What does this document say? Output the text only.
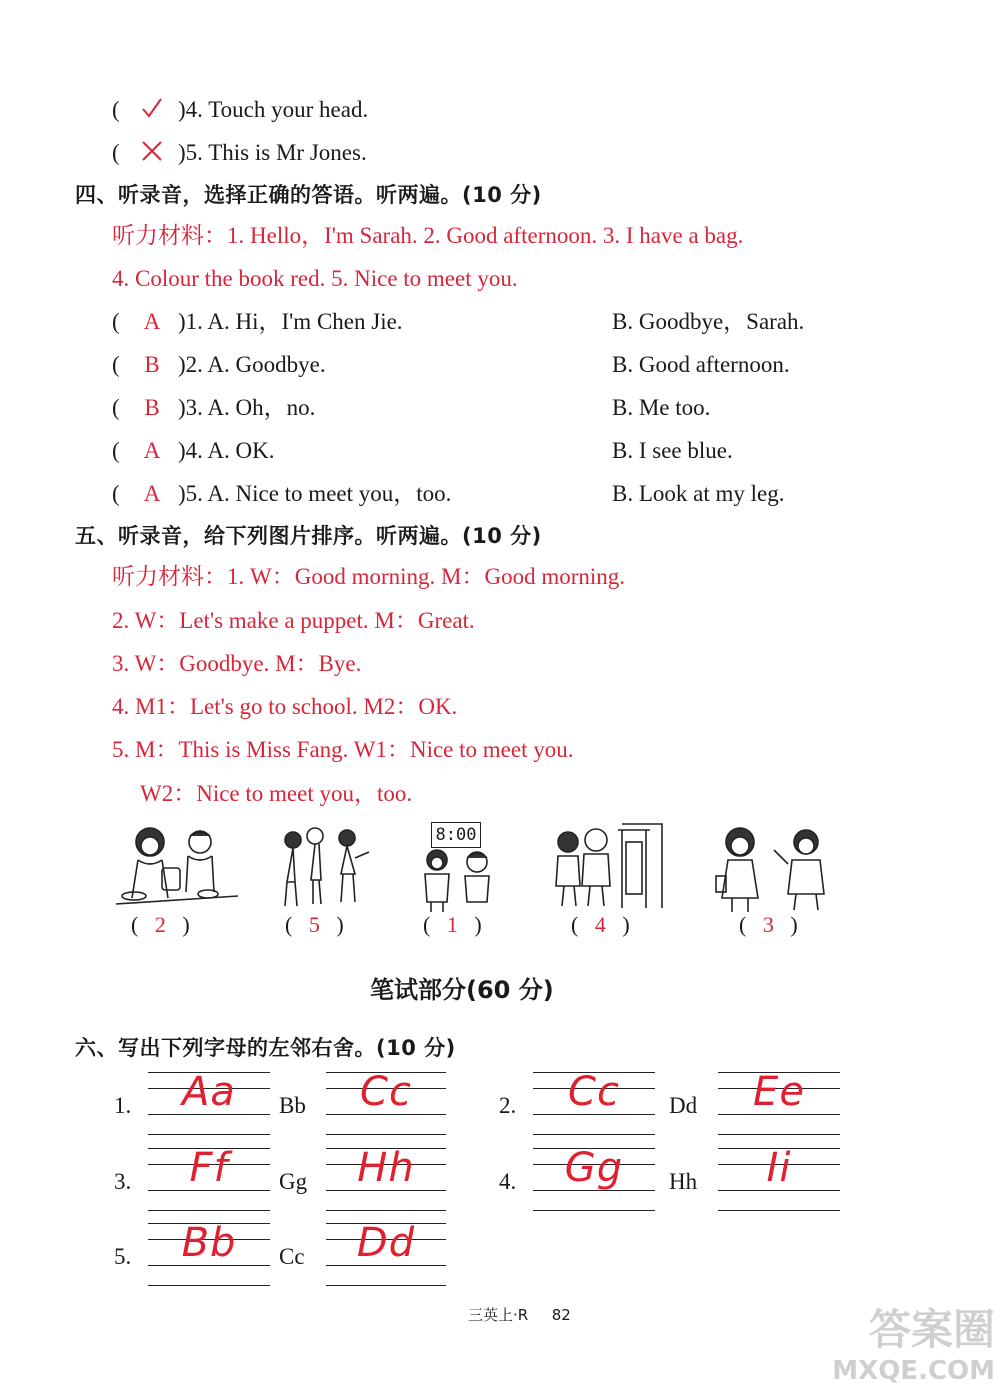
(	)4. Touch your head.
(	)5. This is Mr Jones.
四、听录音，选择正确的答语。听两遍。(10 分)
听力材料：1. Hello，I'm Sarah. 2. Good afternoon. 3. I have a bag.
4. Colour the book red. 5. Nice to meet you.
( A )1. A. Hi，I'm Chen Jie.	B. Goodbye，Sarah.
( B )2. A. Goodbye.	B. Good afternoon.
( B )3. A. Oh，no.	B. Me too.
( A )4. A. OK.	B. I see blue.
( A )5. A. Nice to meet you，too.	B. Look at my leg.
五、听录音，给下列图片排序。听两遍。(10 分)
听力材料：1. W：Good morning. M：Good morning.
2. W：Let's make a puppet. M：Great.
3. W：Goodbye. M：Bye.
4. M1：Let's go to school. M2：OK.
5. M：This is Miss Fang. W1：Nice to meet you.
W2：Nice to meet you，too.
8:00
( 2 )	( 5 )	( 1 )	( 4 )	( 3 )
笔试部分(60 分)
六、写出下列字母的左邻右舍。(10 分)
1.	Aa	Bb	Cc	2.	Cc	Dd	Ee
3.	Ff	Gg	Hh	4.	Gg	Hh	Ii
5.	Bb	Cc	Dd
三英上·R 82	答案圈
MXQE.COM
